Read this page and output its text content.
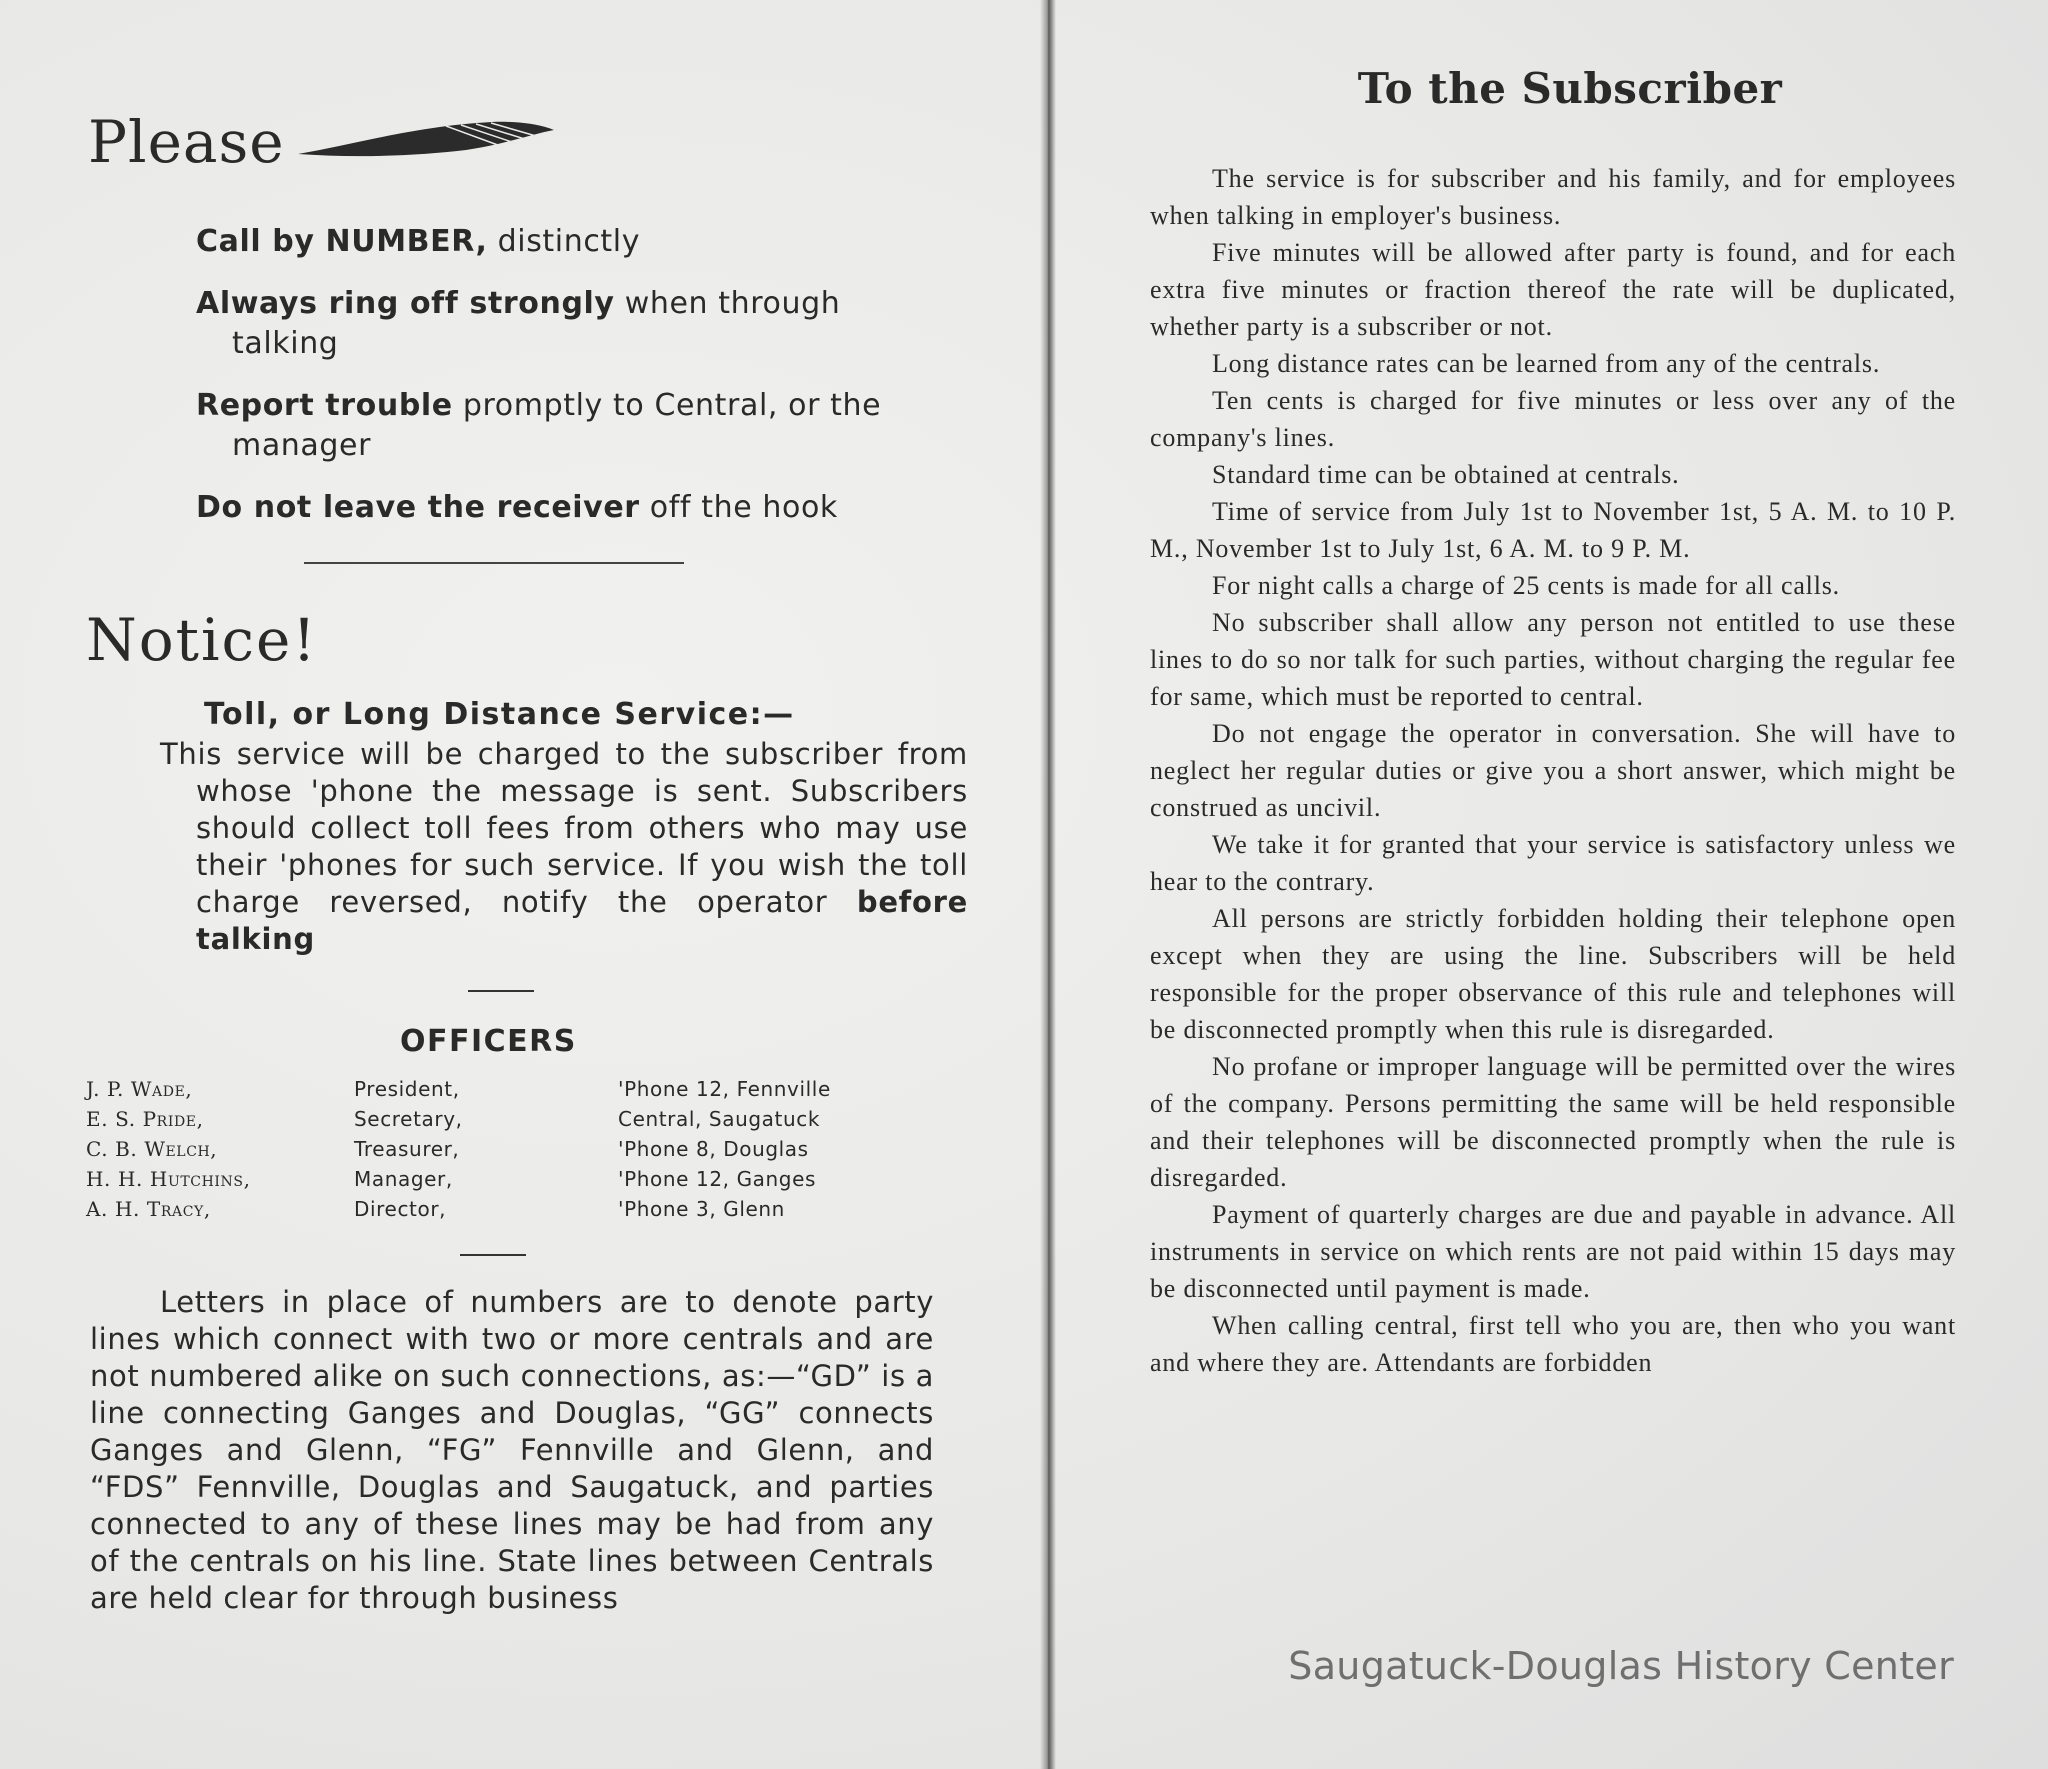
Please
Call by NUMBER, distinctly
Always ring off strongly when through talking
Report trouble promptly to Central, or the manager
Do not leave the receiver off the hook
Notice!
Toll, or Long Distance Service:—

This service will be charged to the subscriber from whose 'phone the message is sent. Subscribers should collect toll fees from others who may use their 'phones for such service. If you wish the toll charge reversed, notify the operator before talking

OFFICERS
J. P. Wade,	President,	'Phone 12, Fennville
E. S. Pride,	Secretary,	Central, Saugatuck
C. B. Welch,	Treasurer,	'Phone 8, Douglas
H. H. Hutchins,	Manager,	'Phone 12, Ganges
A. H. Tracy,	Director,	'Phone 3, Glenn

Letters in place of numbers are to denote party lines which connect with two or more centrals and are not numbered alike on such connections, as:—“GD” is a line connecting Ganges and Douglas, “GG” connects Ganges and Glenn, “FG” Fennville and Glenn, and “FDS” Fennville, Douglas and Saugatuck, and parties connected to any of these lines may be had from any of the centrals on his line. State lines between Centrals are held clear for through business

To the Subscriber

The service is for subscriber and his family, and for employees when talking in employer's business.

Five minutes will be allowed after party is found, and for each extra five minutes or fraction thereof the rate will be duplicated, whether party is a subscriber or not.

Long distance rates can be learned from any of the centrals.

Ten cents is charged for five minutes or less over any of the company's lines.

Standard time can be obtained at centrals.

Time of service from July 1st to November 1st, 5 A. M. to 10 P. M., November 1st to July 1st, 6 A. M. to 9 P. M.

For night calls a charge of 25 cents is made for all calls.

No subscriber shall allow any person not entitled to use these lines to do so nor talk for such parties, without charging the regular fee for same, which must be reported to central.

Do not engage the operator in conversation. She will have to neglect her regular duties or give you a short answer, which might be construed as uncivil.

We take it for granted that your service is satisfactory unless we hear to the contrary.

All persons are strictly forbidden holding their telephone open except when they are using the line. Subscribers will be held responsible for the proper observance of this rule and telephones will be disconnected promptly when this rule is disregarded.

No profane or improper language will be permitted over the wires of the company. Persons permitting the same will be held responsible and their telephones will be disconnected promptly when the rule is disregarded.

Payment of quarterly charges are due and payable in advance. All instruments in service on which rents are not paid within 15 days may be disconnected until payment is made.

When calling central, first tell who you are, then who you want and where they are. Attendants are forbidden

Saugatuck-Douglas History Center
